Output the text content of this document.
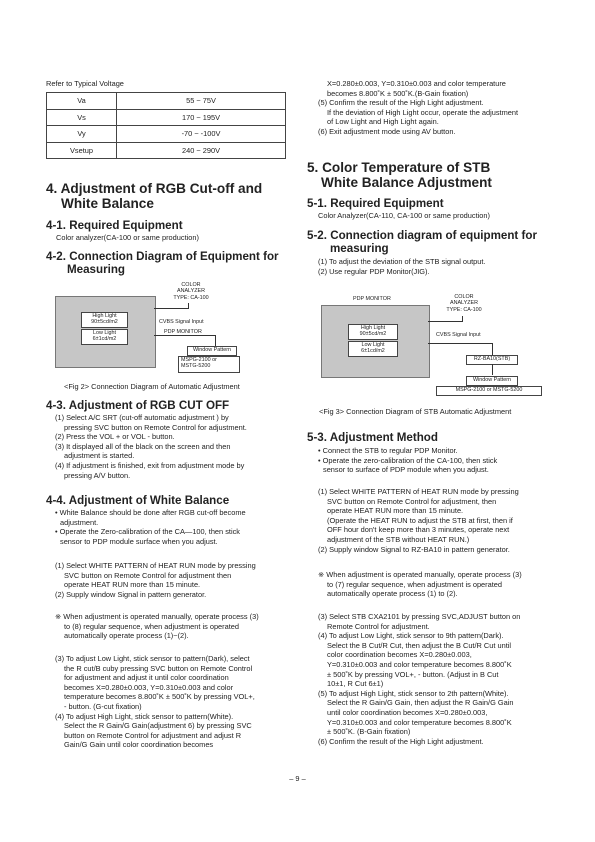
Refer to Typical Voltage
Va	55 ~ 75V
Vs	170 ~ 195V
Vy	-70 ~ -100V
Vsetup	240 ~ 290V
4. Adjustment of RGB Cut-off and
White Balance
4-1. Required Equipment
Color analyzer(CA-100 or same production)
4-2. Connection Diagram of Equipment for
Measuring
High Light
90±5cd/m2
Low Light
6±1cd/m2
COLOR
ANALYZER
TYPE: CA-100
CVBS Signal Input
PDP MONITOR
Window Pattern
MSPG-2100 or
MSTG-5200
<Fig 2> Connection Diagram of Automatic Adjustment
4-3. Adjustment of RGB CUT OFF
(1) Select A/C SRT (cut-off automatic adjustment ) by
pressing SVC button on Remote Control for adjustment.
(2) Press the VOL + or VOL - button.
(3) It displayed all of the black on the screen and then
adjustment is started.
(4) If adjustment is finished, exit from adjustment mode by
pressing A/V button.
4-4. Adjustment of White Balance
• White Balance should be done after RGB cut-off become
adjustment.
• Operate the Zero-calibration of the CA—100, then stick
sensor to PDP module surface when you adjust.
(1) Select WHITE PATTERN of HEAT RUN mode by pressing
SVC button on Remote Control for adjustment then
operate HEAT RUN more than 15 minute.
(2) Supply window Signal in pattern generator.
※ When adjustment is operated manually, operate process (3)
to (8) regular sequence, when adjustment is operated
automatically operate process (1)~(2).
(3) To adjust Low Light, stick sensor to pattern(Dark), select
the R cut/B cuby pressing SVC button on Remote Control
for adjustment and adjust it until color coordination
becomes X=0.280±0.003, Y=0.310±0.003 and color
temperature becomes 8.800˚K ± 500˚K by pressing VOL+,
- button. (G-cut fixation)
(4) To adjust High Light, stick sensor to pattern(White).
Select the R Gain/G Gain(adjustment 6) by pressing SVC
button on Remote Control for adjustment and adjust R
Gain/G Gain until color coordination becomes
X=0.280±0.003, Y=0.310±0.003 and color temperature
becomes 8.800˚K ± 500˚K.(B-Gain fixation)
(5) Confirm the result of the High Light adjustment.
If the deviation of High Light occur, operate the adjustment
of Low Light and High Light again.
(6) Exit adjustment mode using AV button.
5. Color Temperature of STB
White Balance Adjustment
5-1. Required Equipment
Color Analyzer(CA-110, CA-100 or same production)
5-2. Connection diagram of equipment for
measuring
(1) To adjust the deviation of the STB signal output.
(2) Use regular PDP Monitor(JIG).
PDP MONITOR	COLOR
ANALYZER
TYPE: CA-100
High Light
90±5cd/m2
Low Light
6±1cd/m2
CVBS Signal Input
RZ-BA10(STB)
Window Pattern
MSPG-2100 or MSTG-5200
<Fig 3> Connection Diagram of STB Automatic Adjustment
5-3. Adjustment Method
• Connect the STB to regular PDP Monitor.
• Operate the zero-calibration of the CA-100, then stick
sensor to surface of PDP module when you adjust.
(1) Select WHITE PATTERN of HEAT RUN mode by pressing
SVC button on Remote Control for adjustment, then
operate HEAT RUN more than 15 minute.
(Operate the HEAT RUN to adjust the STB at first, then if
OFF hour don't keep more than 3 minutes, operate next
adjustment of the STB without HEAT RUN.)
(2) Supply window Signal to RZ-BA10 in pattern generator.
※ When adjustment is operated manually, operate process (3)
to (7) regular sequence, when adjustment is operated
automatically operate process (1) to (2).
(3) Select STB CXA2101 by pressing SVC,ADJUST button on
Remote Control for adjustment.
(4) To adjust Low Light, stick sensor to 9th pattern(Dark).
Select the B Cut/R Cut, then adjust the B Cut/R Cut until
color coordination becomes X=0.280±0.003,
Y=0.310±0.003 and color temperature becomes 8.800˚K
± 500˚K by pressing VOL+, - button. (Adjust in B Cut
10±1, R Cut 6±1)
(5) To adjust High Light, stick sensor to 2th pattern(White).
Select the R Gain/G Gain, then adjust the R Gain/G Gain
until color coordination becomes X=0.280±0.003,
Y=0.310±0.003 and color temperature becomes 8.800˚K
± 500˚K. (B-Gain fixation)
(6) Confirm the result of the High Light adjustment.
– 9 –
